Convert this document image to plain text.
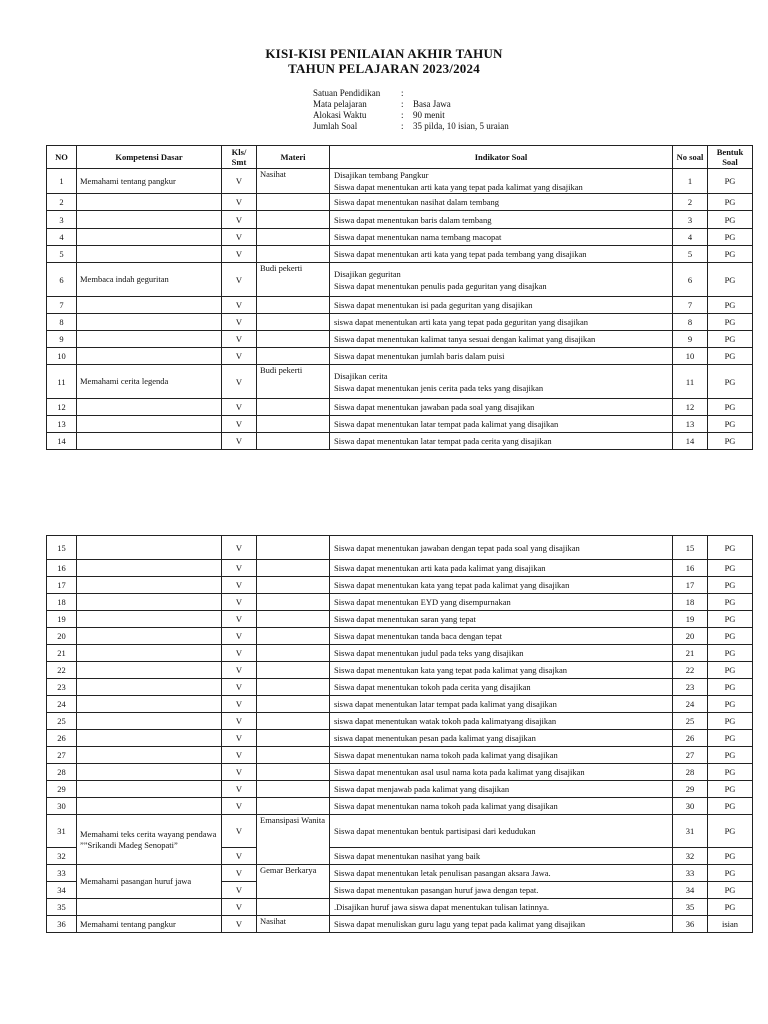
KISI-KISI PENILAIAN AKHIR TAHUN
TAHUN PELAJARAN 2023/2024
Satuan Pendidikan	:
Mata pelajaran	:	Basa Jawa
Alokasi Waktu	:	90 menit
Jumlah Soal	:	35 pilda, 10 isian, 5 uraian
NO	Kompetensi Dasar	Kls/ Smt	Materi	Indikator Soal	No soal	Bentuk Soal
1	Memahami tentang pangkur	V	Nasihat	Disajikan tembang Pangkur
Siswa dapat menentukan arti kata yang tepat pada kalimat yang disajikan	1	PG
2		V		Siswa dapat menentukan nasihat dalam tembang	2	PG
3		V		Siswa dapat menentukan baris dalam tembang	3	PG
4		V		Siswa dapat menentukan nama tembang macopat	4	PG
5		V		Siswa dapat menentukan arti kata yang tepat pada tembang yang disajikan	5	PG
6	Membaca indah geguritan	V	Budi pekerti	Disajikan geguritan
Siswa dapat menentukan penulis pada geguritan yang disajkan	6	PG
7		V		Siswa dapat menentukan isi pada geguritan yang disajikan	7	PG
8		V		siswa dapat menentukan arti kata yang tepat pada geguritan yang disajikan	8	PG
9		V		Siswa dapat menentukan kalimat tanya sesuai dengan kalimat yang disajikan	9	PG
10		V		Siswa dapat menentukan jumlah baris dalam puisi	10	PG
11	Memahami cerita legenda	V	Budi pekerti	Disajikan cerita
Siswa dapat menentukan jenis cerita pada teks yang disajikan	11	PG
12		V		Siswa dapat menentukan jawaban pada soal yang disajikan	12	PG
13		V		Siswa dapat menentukan latar tempat pada kalimat yang disajikan	13	PG
14		V		Siswa dapat menentukan latar tempat pada cerita yang disajikan	14	PG
15		V		Siswa dapat menentukan jawaban dengan tepat pada soal yang disajikan	15	PG
16		V		Siswa dapat menentukan arti kata pada kalimat yang disajikan	16	PG
17		V		Siswa dapat menentukan kata yang tepat pada kalimat yang disajikan	17	PG
18		V		Siswa dapat menentukan EYD yang disempurnakan	18	PG
19		V		Siswa dapat menentukan saran yang tepat	19	PG
20		V		Siswa dapat menentukan tanda baca dengan tepat	20	PG
21		V		Siswa dapat menentukan judul pada teks yang disajikan	21	PG
22		V		Siswa dapat menentukan kata yang tepat pada kalimat yang disajkan	22	PG
23		V		Siswa dapat menentukan tokoh pada cerita yang disajikan	23	PG
24		V		siswa dapat menentukan latar tempat pada kalimat yang disajikan	24	PG
25		V		siswa dapat menentukan watak tokoh pada kalimatyang disajikan	25	PG
26		V		siswa dapat menentukan pesan pada kalimat yang disajikan	26	PG
27		V		Siswa dapat menentukan nama tokoh pada kalimat yang disajikan	27	PG
28		V		Siswa dapat menentukan asal usul nama kota pada kalimat yang disajikan	28	PG
29		V		Siswa dapat menjawab pada kalimat yang disajikan	29	PG
30		V		Siswa dapat menentukan nama tokoh pada kalimat yang disajikan	30	PG
31	Memahami teks cerita wayang pendawa ””Srikandi Madeg Senopati”	V	Emansipasi Wanita	Siswa dapat menentukan bentuk partisipasi dari kedudukan	31	PG
32		V		Siswa dapat menentukan nasihat yang baik	32	PG
33	Memahami pasangan huruf jawa	V	Gemar Berkarya	Siswa dapat menentukan letak penulisan pasangan aksara Jawa.	33	PG
34		V		Siswa dapat menentukan pasangan huruf jawa dengan tepat.	34	PG
35		V		.Disajikan huruf jawa siswa dapat menentukan tulisan latinnya.	35	PG
36	Memahami tentang pangkur	V	Nasihat	Siswa dapat menuliskan guru lagu yang tepat pada kalimat yang disajikan	36	isian
